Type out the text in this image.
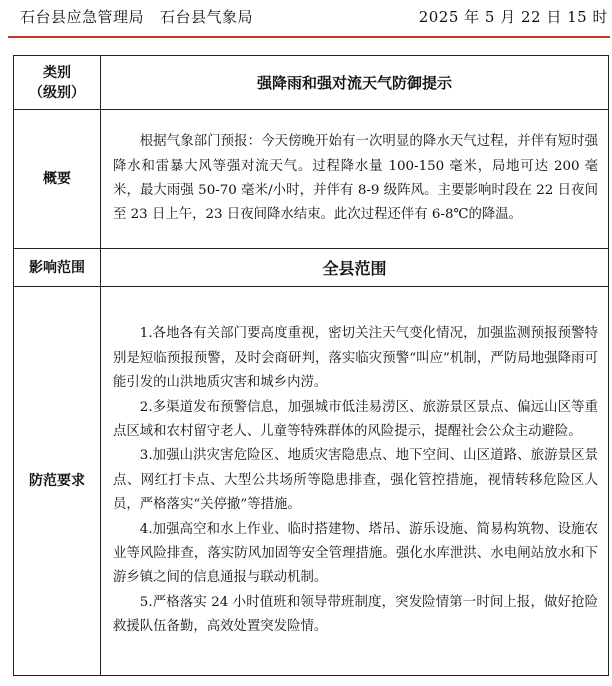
石台县应急管理局 石台县气象局	2025 年 5 月 22 日 15 时
类别
（级别）	强降雨和强对流天气防御提示
概要	根据气象部门预报：今天傍晚开始有一次明显的降水天气过程，并伴有短时强降水和雷暴大风等强对流天气。过程降水量 100-150 毫米，局地可达 200 毫米，最大雨强 50-70 毫米/小时，并伴有 8-9 级阵风。主要影响时段在 22 日夜间至 23 日上午，23 日夜间降水结束。此次过程还伴有 6-8℃的降温。

影响范围	全县范围
防范要求	1.各地各有关部门要高度重视，密切关注天气变化情况，加强监测预报预警特别是短临预报预警，及时会商研判，落实临灾预警“叫应”机制，严防局地强降雨可能引发的山洪地质灾害和城乡内涝。

2.多渠道发布预警信息，加强城市低洼易涝区、旅游景区景点、偏远山区等重点区域和农村留守老人、儿童等特殊群体的风险提示，提醒社会公众主动避险。

3.加强山洪灾害危险区、地质灾害隐患点、地下空间、山区道路、旅游景区景点、网红打卡点、大型公共场所等隐患排查，强化管控措施，视情转移危险区人员，严格落实“关停撤”等措施。

4.加强高空和水上作业、临时搭建物、塔吊、游乐设施、简易构筑物、设施农业等风险排查，落实防风加固等安全管理措施。强化水库泄洪、水电闸站放水和下游乡镇之间的信息通报与联动机制。

5.严格落实 24 小时值班和领导带班制度，突发险情第一时间上报，做好抢险救援队伍备勤，高效处置突发险情。
